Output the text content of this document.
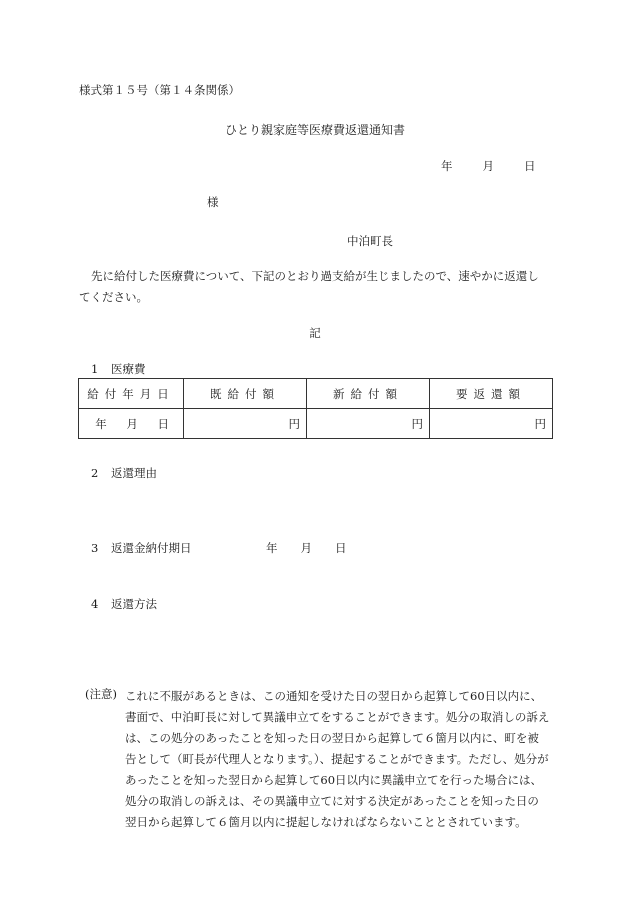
様式第１５号（第１４条関係）
ひとり親家庭等医療費返還通知書
年	月	日
様
中泊町長
先に給付した医療費について、下記のとおり過支給が生じましたので、速やかに返還してください。
記
1 医療費
給付年月日	既給付額	新給付額	要返還額
年 月 日	円	円	円
2 返還理由
3 返還金納付期日	年　　月　　日
4 返還方法
(注意) これに不服があるときは、この通知を受けた日の翌日から起算して60日以内に、書面で、中泊町長に対して異議申立てをすることができます。処分の取消しの訴えは、この処分のあったことを知った日の翌日から起算して６箇月以内に、町を被告として（町長が代理人となります。）、提起することができます。ただし、処分があったことを知った翌日から起算して60日以内に異議申立てを行った場合には、処分の取消しの訴えは、その異議申立てに対する決定があったことを知った日の翌日から起算して６箇月以内に提起しなければならないこととされています。
